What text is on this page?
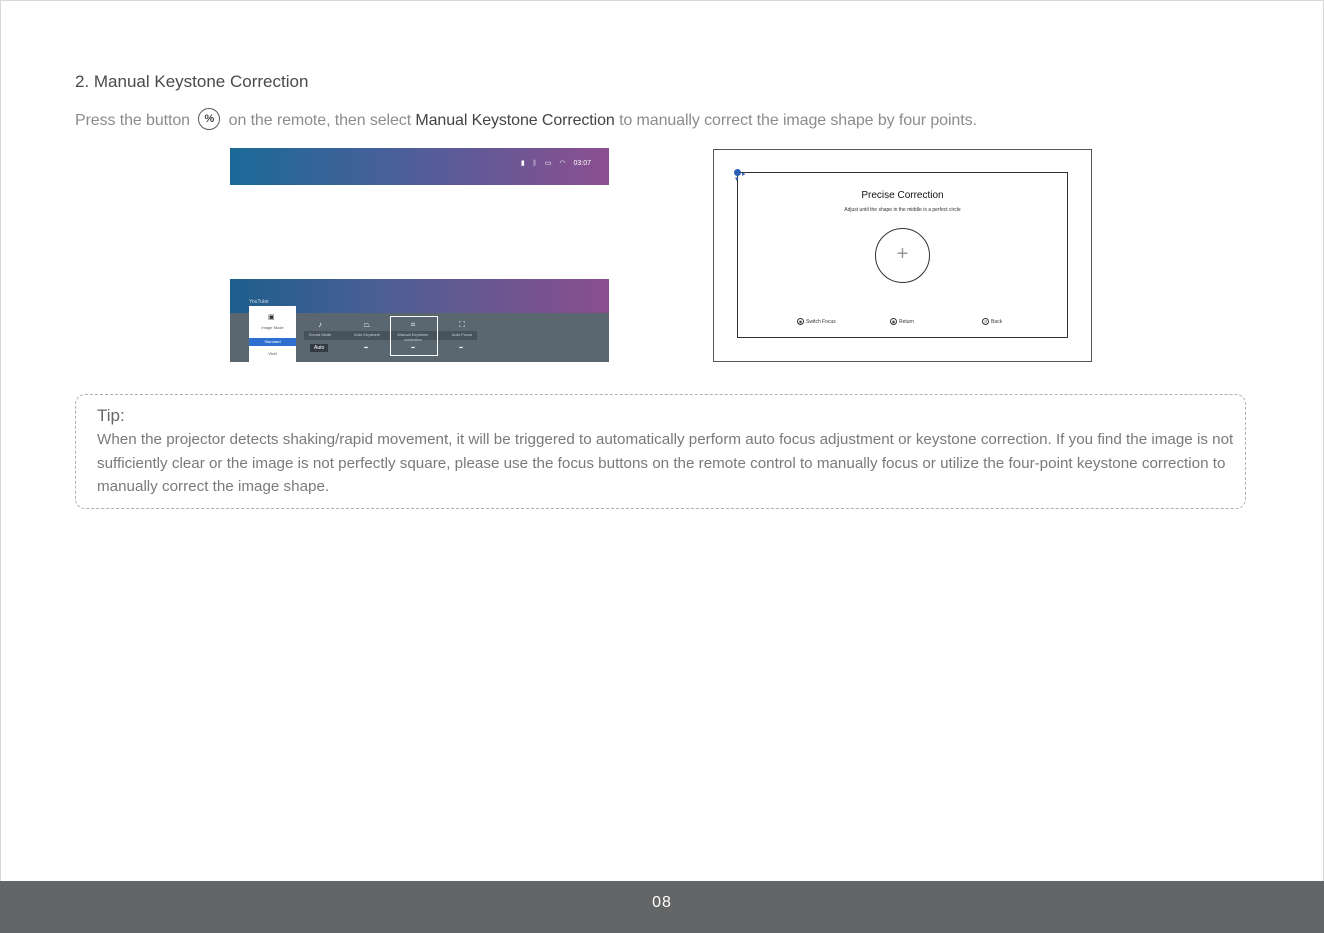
2. Manual Keystone Correction
Press the button % on the remote, then select Manual Keystone Correction to manually correct the image shape by four points.
▮ ᛒ ▭ ◠ 03:07
YouTube
▣
Image Mode
Standard
Vivid
♪
Sound Mode
⏢
Auto Keystone
⌗
Manual Keystone correction
⛶
Auto Focus
Auto	➦	➦	➦
▸
▾
Precise Correction
Adjust until the shape in the middle is a perfect circle
+
◉ Switch Focus	◉ Return	↺ Back
Tip:
When the projector detects shaking/rapid movement, it will be triggered to automatically perform auto focus adjustment or keystone correction. If you find the image is not sufficiently clear or the image is not perfectly square, please use the focus buttons on the remote control to manually focus or utilize the four-point keystone correction to manually correct the image shape.
08
